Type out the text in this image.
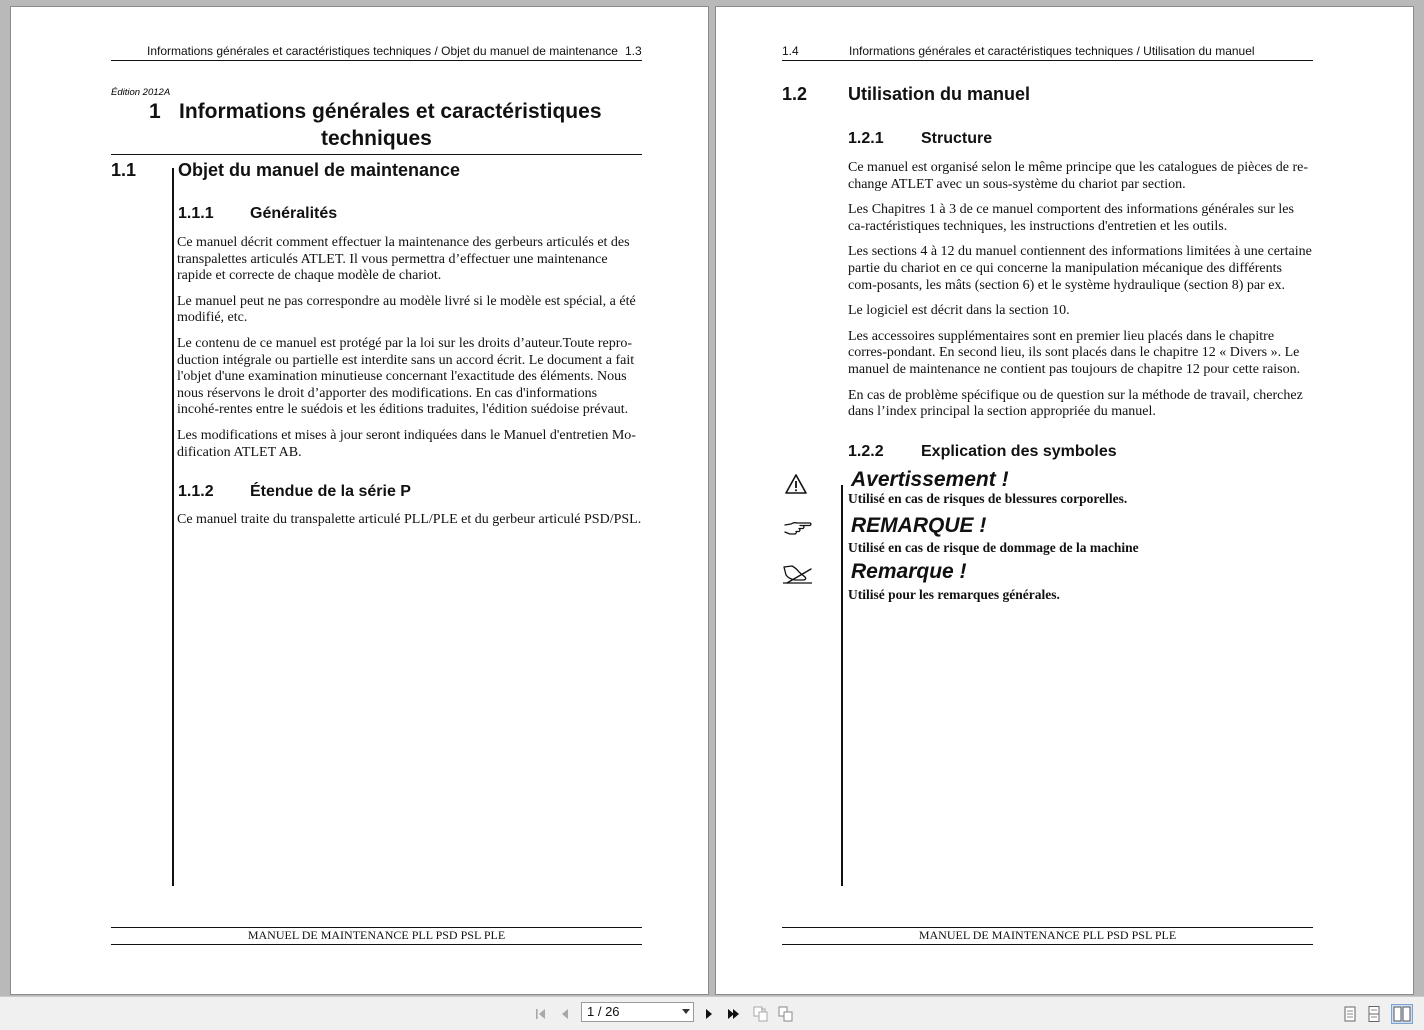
Informations générales et caractéristiques techniques / Objet du manuel de maintenance 1.3
Édition 2012A
1 Informations générales et caractéristiques
techniques
1.1 Objet du manuel de maintenance
1.1.1 Généralités

Ce manuel décrit comment effectuer la maintenance des gerbeurs articulés et des transpalettes articulés ATLET. Il vous permettra d’effectuer une maintenance rapide et correcte de chaque modèle de chariot.

Le manuel peut ne pas correspondre au modèle livré si le modèle est spécial, a été modifié, etc.

Le contenu de ce manuel est protégé par la loi sur les droits d’auteur.Toute repro-duction intégrale ou partielle est interdite sans un accord écrit. Le document a fait l'objet d'une examination minutieuse concernant l'exactitude des éléments. Nous nous réservons le droit d’apporter des modifications. En cas d'informations incohé-rentes entre le suédois et les éditions traduites, l'édition suédoise prévaut.

Les modifications et mises à jour seront indiquées dans le Manuel d'entretien Mo-dification ATLET AB.

1.1.2 Étendue de la série P

Ce manuel traite du transpalette articulé PLL/PLE et du gerbeur articulé PSD/PSL.

MANUEL DE MAINTENANCE PLL PSD PSL PLE
1.4	Informations générales et caractéristiques techniques / Utilisation du manuel
1.2 Utilisation du manuel
1.2.1 Structure

Ce manuel est organisé selon le même principe que les catalogues de pièces de re-change ATLET avec un sous-système du chariot par section.

Les Chapitres 1 à 3 de ce manuel comportent des informations générales sur les ca-ractéristiques techniques, les instructions d'entretien et les outils.

Les sections 4 à 12 du manuel contiennent des informations limitées à une certaine partie du chariot en ce qui concerne la manipulation mécanique des différents com-posants, les mâts (section 6) et le système hydraulique (section 8) par ex.

Le logiciel est décrit dans la section 10.

Les accessoires supplémentaires sont en premier lieu placés dans le chapitre corres-pondant. En second lieu, ils sont placés dans le chapitre 12 « Divers ». Le manuel de maintenance ne contient pas toujours de chapitre 12 pour cette raison.

En cas de problème spécifique ou de question sur la méthode de travail, cherchez dans l’index principal la section appropriée du manuel.

1.2.2 Explication des symboles
Avertissement !
Utilisé en cas de risques de blessures corporelles.
REMARQUE !
Utilisé en cas de risque de dommage de la machine
Remarque !
Utilisé pour les remarques générales.
MANUEL DE MAINTENANCE PLL PSD PSL PLE
1 / 26
